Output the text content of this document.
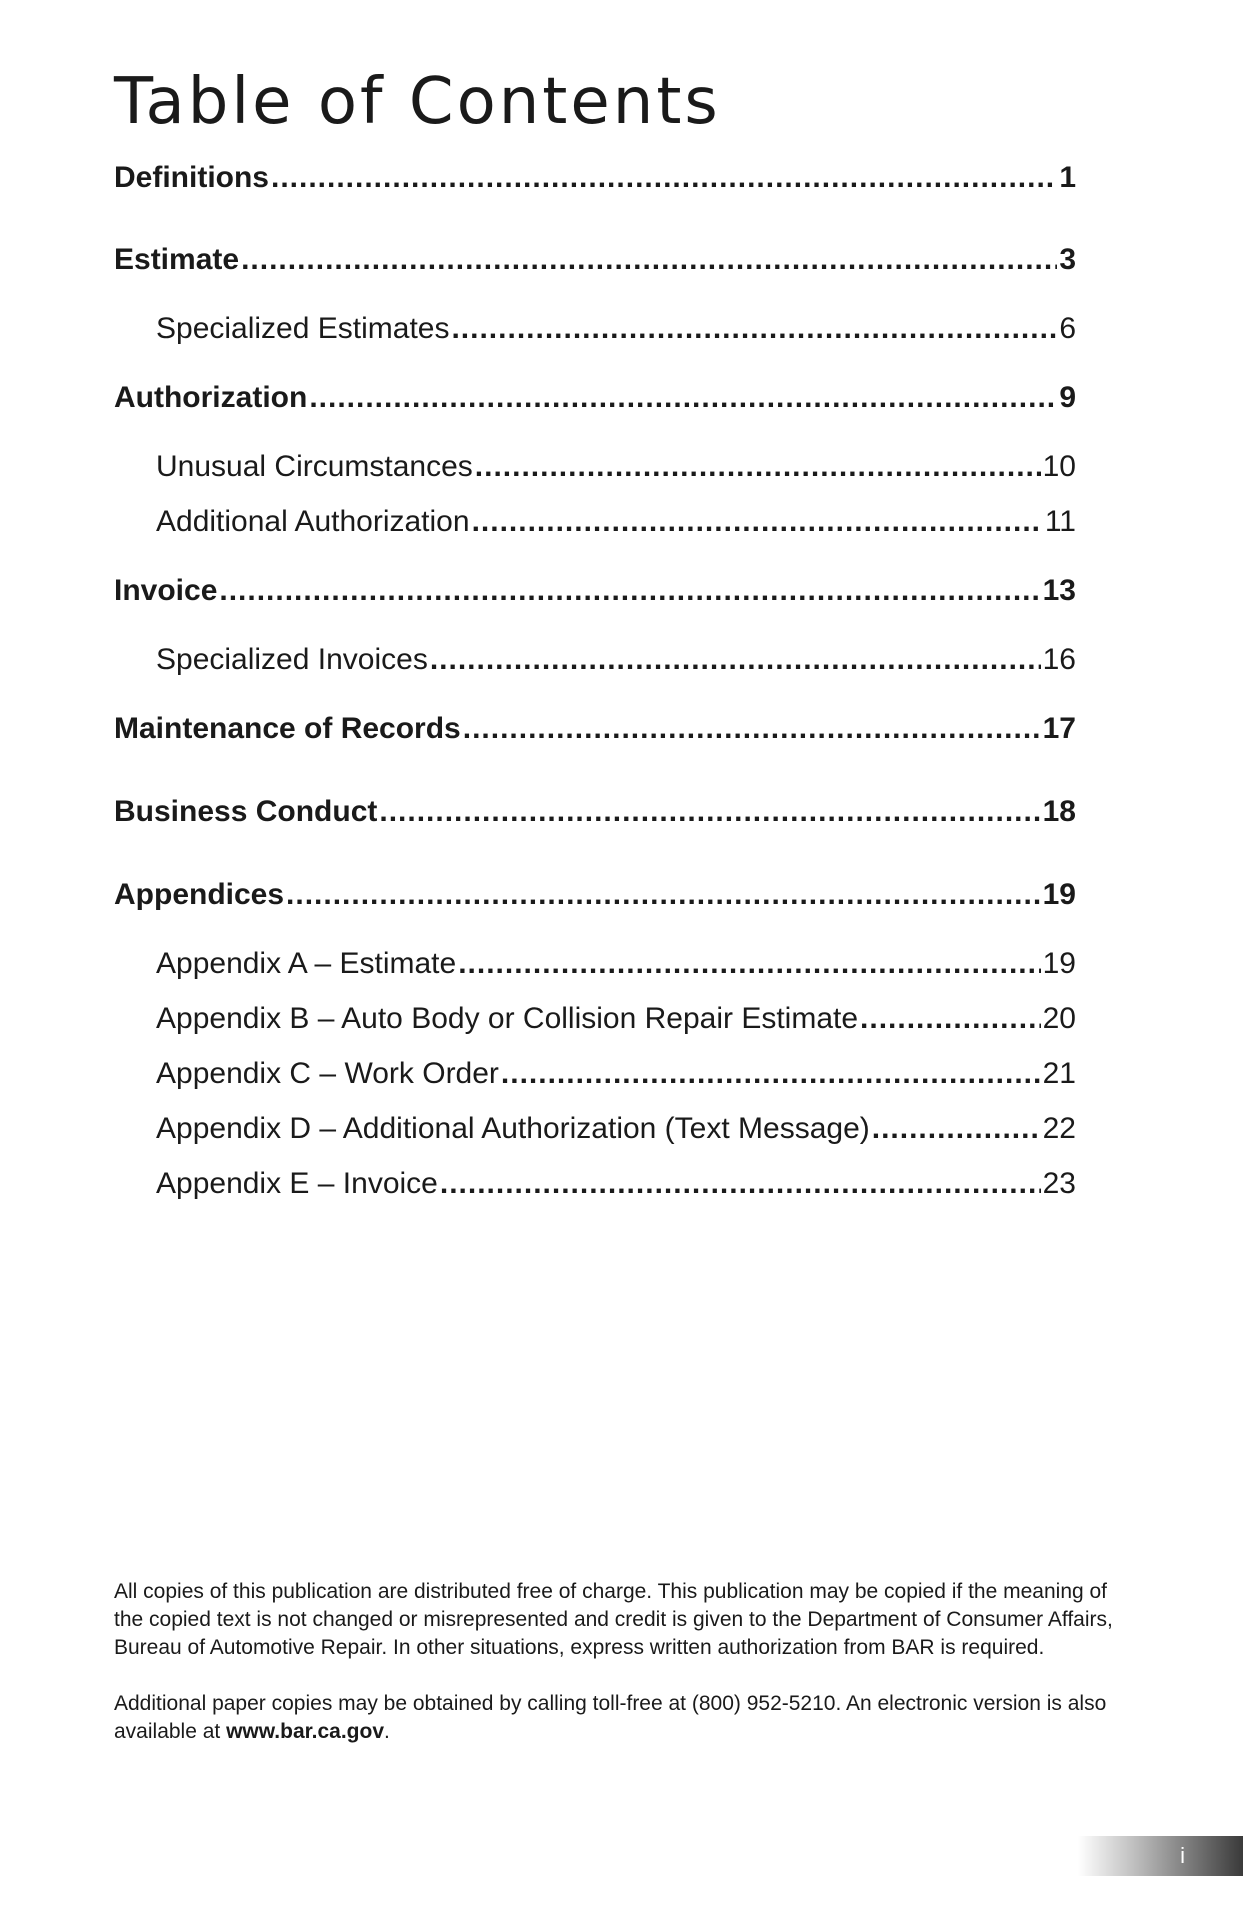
Table of Contents
Definitions .....	1
Estimate .....	3
Specialized Estimates .....	6
Authorization .....	9
Unusual Circumstances .....	10
Additional Authorization .....	11
Invoice .....	13
Specialized Invoices .....	16
Maintenance of Records .....	17
Business Conduct .....	18
Appendices .....	19
Appendix A – Estimate .....	19
Appendix B – Auto Body or Collision Repair Estimate .....	20
Appendix C – Work Order .....	21
Appendix D – Additional Authorization (Text Message) .....	22
Appendix E – Invoice .....	23

All copies of this publication are distributed free of charge. This publication may be copied if the meaning of the copied text is not changed or misrepresented and credit is given to the Department of Consumer Affairs, Bureau of Automotive Repair. In other situations, express written authorization from BAR is required.

Additional paper copies may be obtained by calling toll-free at (800) 952-5210. An electronic version is also available at www.bar.ca.gov.

i
